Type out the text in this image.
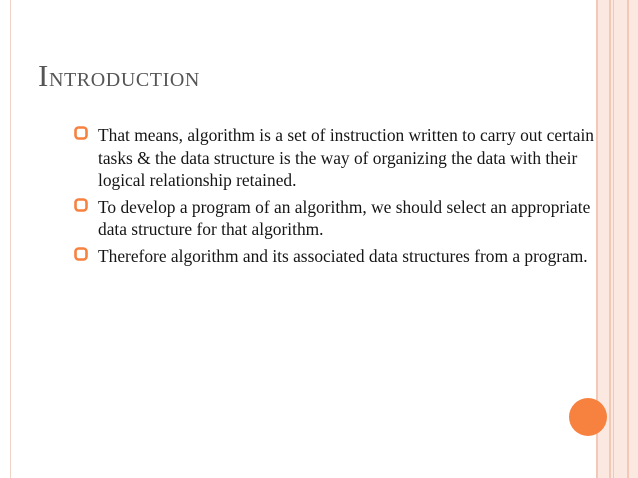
INTRODUCTION
That means, algorithm is a set of instruction written to carry out certain tasks & the data structure is the way of organizing the data with their logical relationship retained.
To develop a program of an algorithm, we should select an appropriate data structure for that algorithm.
Therefore algorithm and its associated data structures from a program.
